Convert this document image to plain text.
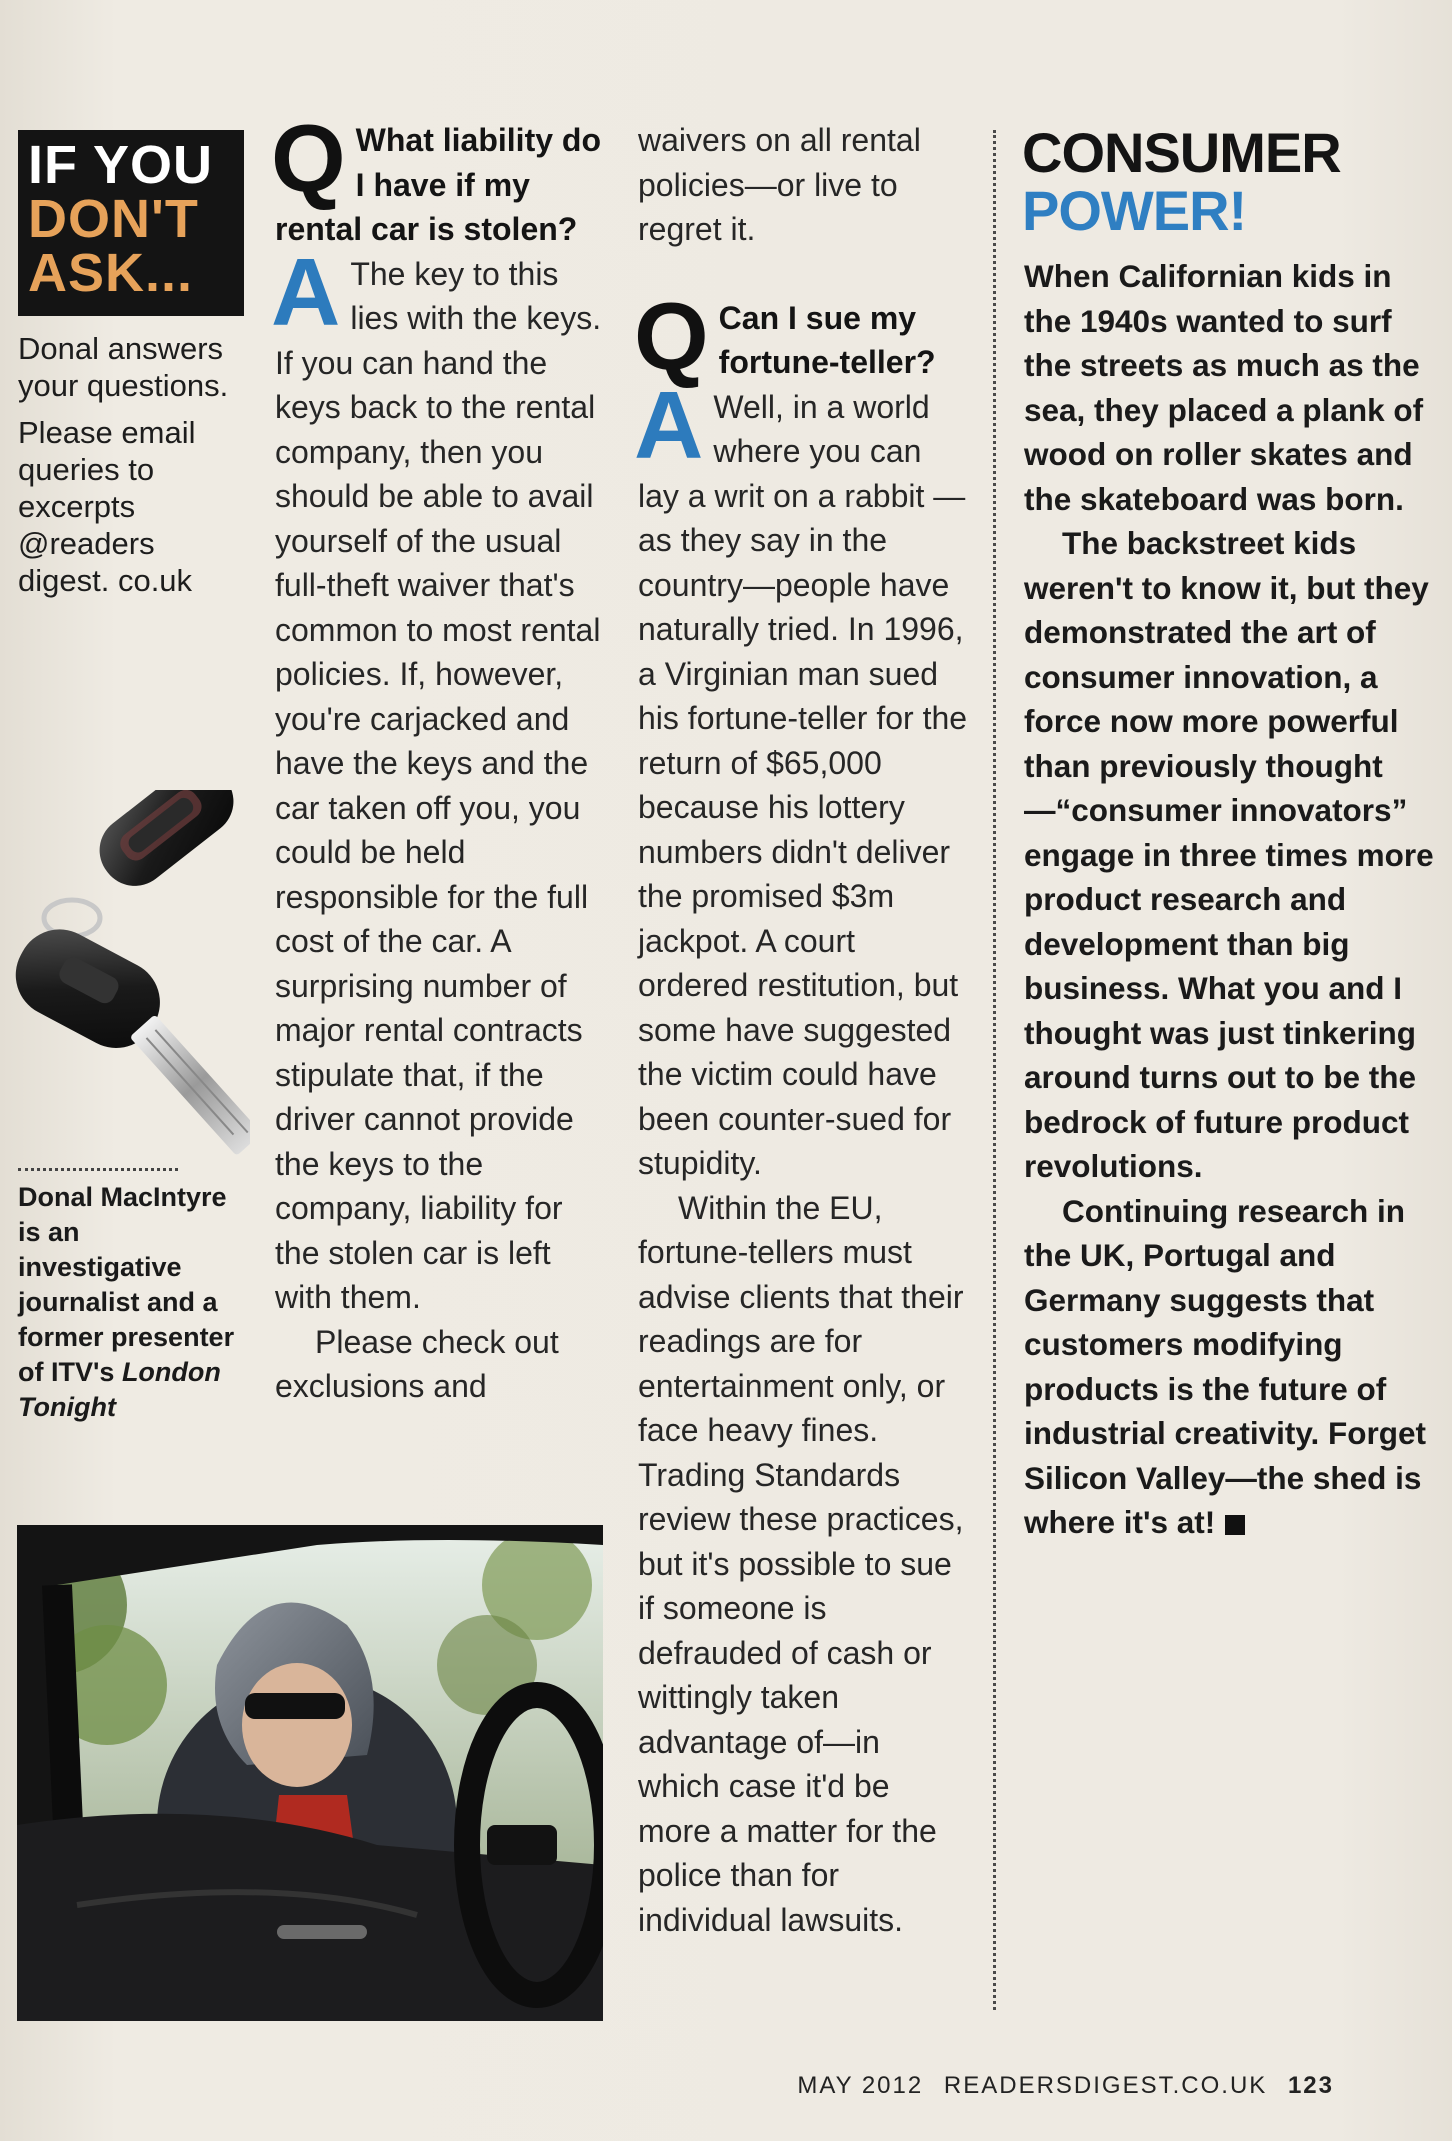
IF YOU
DON'T
ASK...

Donal answers your questions.

Please email queries to excerpts @readers digest. co.uk

Donal MacIntyre is an investigative journalist and a former presenter of ITV's London Tonight
Q What liability do I have if my rental car is stolen?
A The key to this lies with the keys. If you can hand the keys back to the rental company, then you should be able to avail yourself of the usual full-theft waiver that's common to most rental policies. If, however, you're carjacked and have the keys and the car taken off you, you could be held responsible for the full cost of the car. A surprising number of major rental contracts stipulate that, if the driver cannot provide the keys to the company, liability for the stolen car is left with them.

Please check out exclusions and

waivers on all rental policies—or live to regret it.

Q Can I sue my fortune-teller?
A Well, in a world where you can lay a writ on a rabbit —as they say in the country—people have naturally tried. In 1996, a Virginian man sued his fortune-teller for the return of $65,000 because his lottery numbers didn't deliver the promised $3m jackpot. A court ordered restitution, but some have suggested the victim could have been counter-sued for stupidity.

Within the EU, fortune-tellers must advise clients that their readings are for entertainment only, or face heavy fines. Trading Standards review these practices, but it's possible to sue if someone is defrauded of cash or wittingly taken advantage of—in which case it'd be more a matter for the police than for individual lawsuits.

CONSUMER
POWER!

When Californian kids in the 1940s wanted to surf the streets as much as the sea, they placed a plank of wood on roller skates and the skateboard was born.

The backstreet kids weren't to know it, but they demonstrated the art of consumer innovation, a force now more powerful than previously thought—“consumer innovators” engage in three times more product research and development than big business. What you and I thought was just tinkering around turns out to be the bedrock of future product revolutions.

Continuing research in the UK, Portugal and Germany suggests that customers modifying products is the future of industrial creativity. Forget Silicon Valley—the shed is where it's at!

MAY 2012 READERSDIGEST.CO.UK 123
